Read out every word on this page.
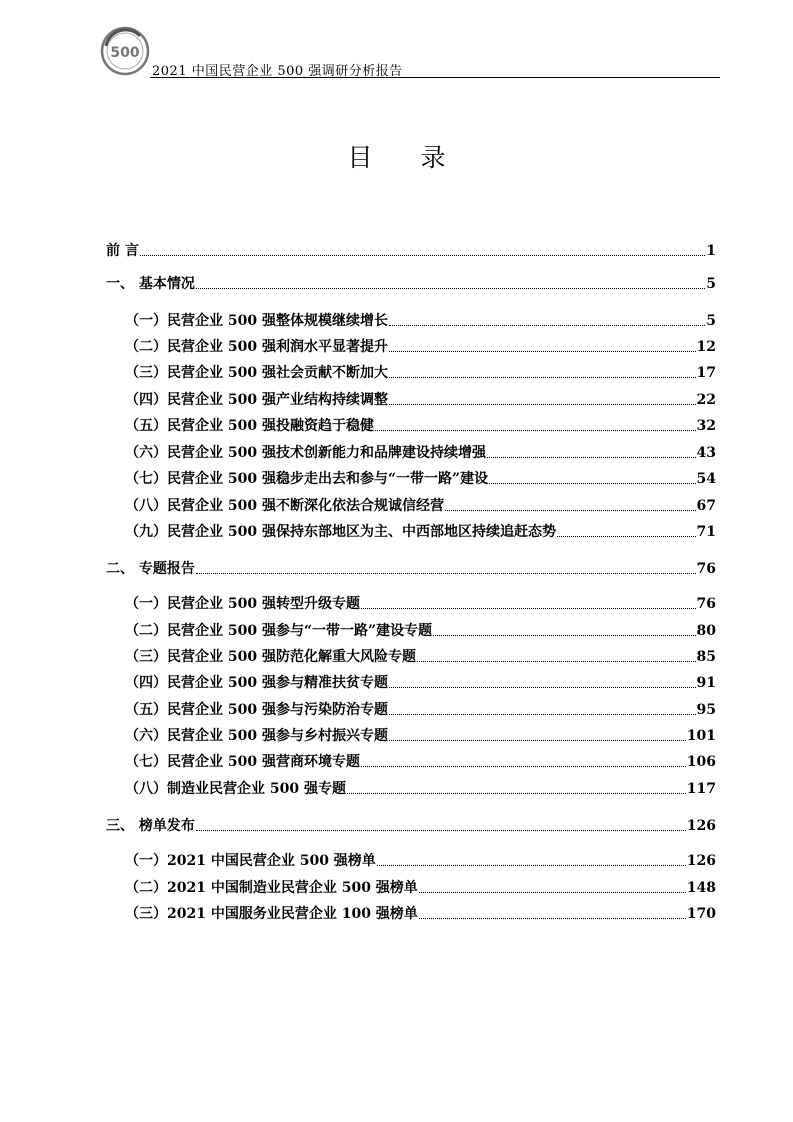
500
2021 中国民营企业 500 强调研分析报告
目 录
前 言	1
一、 基本情况	5
（一）民营企业 500 强整体规模继续增长	5
（二）民营企业 500 强利润水平显著提升	12
（三）民营企业 500 强社会贡献不断加大	17
（四）民营企业 500 强产业结构持续调整	22
（五）民营企业 500 强投融资趋于稳健	32
（六）民营企业 500 强技术创新能力和品牌建设持续增强	43
（七）民营企业 500 强稳步走出去和参与“一带一路”建设	54
（八）民营企业 500 强不断深化依法合规诚信经营	67
（九）民营企业 500 强保持东部地区为主、中西部地区持续追赶态势	71
二、 专题报告	76
（一）民营企业 500 强转型升级专题	76
（二）民营企业 500 强参与“一带一路”建设专题	80
（三）民营企业 500 强防范化解重大风险专题	85
（四）民营企业 500 强参与精准扶贫专题	91
（五）民营企业 500 强参与污染防治专题	95
（六）民营企业 500 强参与乡村振兴专题	101
（七）民营企业 500 强营商环境专题	106
（八）制造业民营企业 500 强专题	117
三、 榜单发布	126
（一）2021 中国民营企业 500 强榜单	126
（二）2021 中国制造业民营企业 500 强榜单	148
（三）2021 中国服务业民营企业 100 强榜单	170
